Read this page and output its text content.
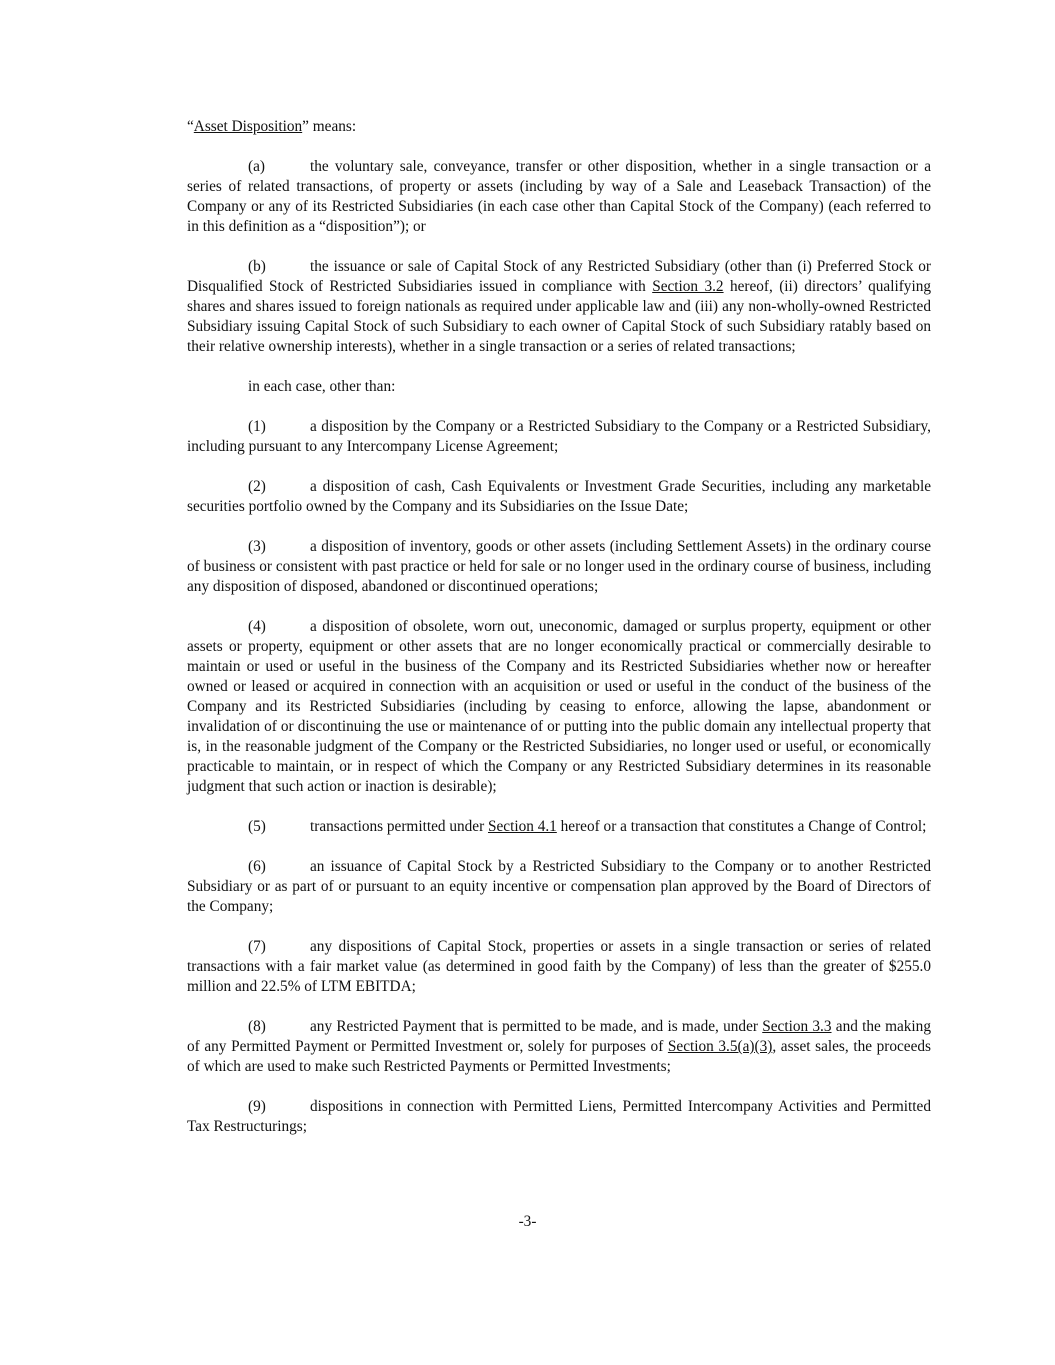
“Asset Disposition” means:

(a)	the voluntary sale, conveyance, transfer or other disposition, whether in a single transaction or a series of related transactions, of property or assets (including by way of a Sale and Leaseback Transaction) of the Company or any of its Restricted Subsidiaries (in each case other than Capital Stock of the Company) (each referred to in this definition as a “disposition”); or

(b)	the issuance or sale of Capital Stock of any Restricted Subsidiary (other than (i) Preferred Stock or Disqualified Stock of Restricted Subsidiaries issued in compliance with Section 3.2 hereof, (ii) directors’ qualifying shares and shares issued to foreign nationals as required under applicable law and (iii) any non-wholly-owned Restricted Subsidiary issuing Capital Stock of such Subsidiary to each owner of Capital Stock of such Subsidiary ratably based on their relative ownership interests), whether in a single transaction or a series of related transactions;

in each case, other than:

(1)	a disposition by the Company or a Restricted Subsidiary to the Company or a Restricted Subsidiary, including pursuant to any Intercompany License Agreement;

(2)	a disposition of cash, Cash Equivalents or Investment Grade Securities, including any marketable securities portfolio owned by the Company and its Subsidiaries on the Issue Date;

(3)	a disposition of inventory, goods or other assets (including Settlement Assets) in the ordinary course of business or consistent with past practice or held for sale or no longer used in the ordinary course of business, including any disposition of disposed, abandoned or discontinued operations;

(4)	a disposition of obsolete, worn out, uneconomic, damaged or surplus property, equipment or other assets or property, equipment or other assets that are no longer economically practical or commercially desirable to maintain or used or useful in the business of the Company and its Restricted Subsidiaries whether now or hereafter owned or leased or acquired in connection with an acquisition or used or useful in the conduct of the business of the Company and its Restricted Subsidiaries (including by ceasing to enforce, allowing the lapse, abandonment or invalidation of or discontinuing the use or maintenance of or putting into the public domain any intellectual property that is, in the reasonable judgment of the Company or the Restricted Subsidiaries, no longer used or useful, or economically practicable to maintain, or in respect of which the Company or any Restricted Subsidiary determines in its reasonable judgment that such action or inaction is desirable);

(5)	transactions permitted under Section 4.1 hereof or a transaction that constitutes a Change of Control;

(6)	an issuance of Capital Stock by a Restricted Subsidiary to the Company or to another Restricted Subsidiary or as part of or pursuant to an equity incentive or compensation plan approved by the Board of Directors of the Company;

(7)	any dispositions of Capital Stock, properties or assets in a single transaction or series of related transactions with a fair market value (as determined in good faith by the Company) of less than the greater of $255.0 million and 22.5% of LTM EBITDA;

(8)	any Restricted Payment that is permitted to be made, and is made, under Section 3.3 and the making of any Permitted Payment or Permitted Investment or, solely for purposes of Section 3.5(a)(3), asset sales, the proceeds of which are used to make such Restricted Payments or Permitted Investments;

(9)	dispositions in connection with Permitted Liens, Permitted Intercompany Activities and Permitted Tax Restructurings;

-3-
